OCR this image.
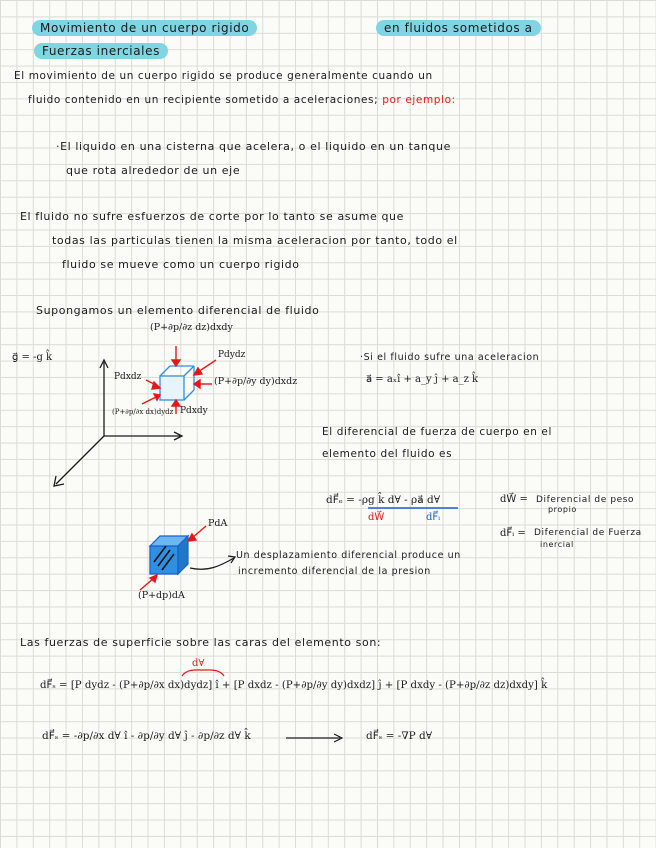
Movimiento de un cuerpo rigido	en fluidos sometidos a
Fuerzas inerciales
El movimiento de un cuerpo rigido se produce generalmente cuando un
fluido contenido en un recipiente sometido a aceleraciones; por ejemplo:
·El liquido en una cisterna que acelera, o el liquido en un tanque
que rota alrededor de un eje
El fluido no sufre esfuerzos de corte por lo tanto se asume que
todas las particulas tienen la misma aceleracion por tanto, todo el
fluido se mueve como un cuerpo rigido
Supongamos un elemento diferencial de fluido
g⃗ = -g k̂
(P+∂p/∂z dz)dxdy
Pdydz
Pdxdz	(P+∂p/∂y dy)dxdz
(P+∂p/∂x dx)dydz Pdxdy
·Si el fluido sufre una aceleracion
a⃗ = aₓî + a_y ĵ + a_z k̂
El diferencial de fuerza de cuerpo en el
elemento del fluido es
dF⃗ₑ = -ρg k̂ d∀ - ρa⃗ d∀
dW⃗	dF⃗ᵢ
dW⃗ = Diferencial de peso
propio
dF⃗ᵢ = Diferencial de Fuerza
inercial
PdA
(P+dp)dA
Un desplazamiento diferencial produce un
incremento diferencial de la presion
Las fuerzas de superficie sobre las caras del elemento son:
d∀
dF⃗ₛ = [P dydz - (P+∂p/∂x dx)dydz] î + [P dxdz - (P+∂p/∂y dy)dxdz] ĵ + [P dxdy - (P+∂p/∂z dz)dxdy] k̂
dF⃗ₛ = -∂p/∂x d∀ î - ∂p/∂y d∀ ĵ - ∂p/∂z d∀ k̂	dF⃗ₛ = -∇P d∀
